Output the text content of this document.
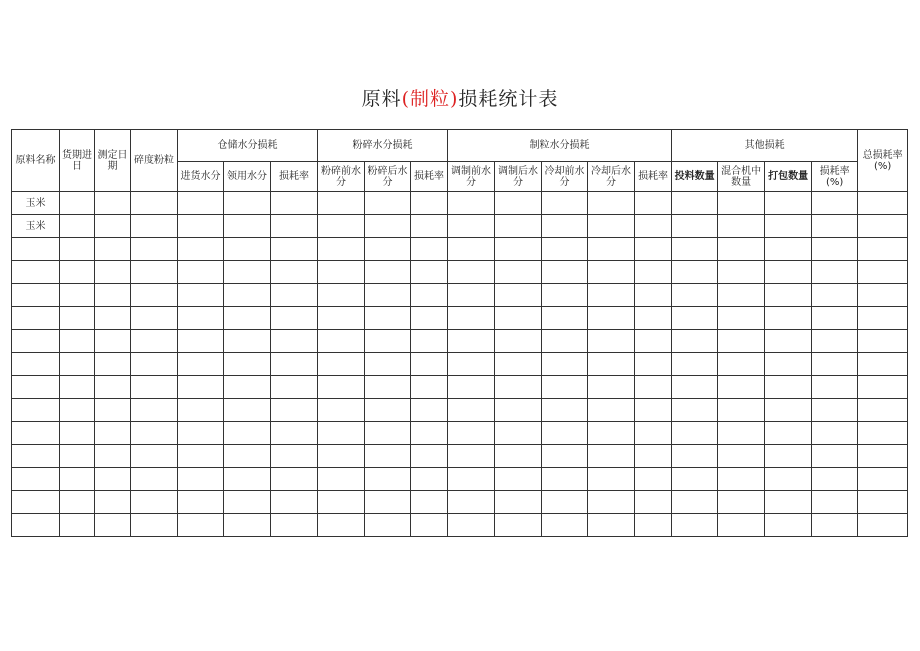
原料(制粒)损耗统计表
原料名称	货期进日	测定日期	碎度粉粒	仓储水分损耗			粉碎水分损耗			制粒水分损耗					其他损耗				总损耗率(%)
				进货水分	领用水分	损耗率	粉碎前水分	粉碎后水分	损耗率	调制前水分	调制后水分	冷却前水分	冷却后水分	损耗率	投料数量	混合机中数量	打包数量	损耗率(%)	
玉米																			
玉米																			
